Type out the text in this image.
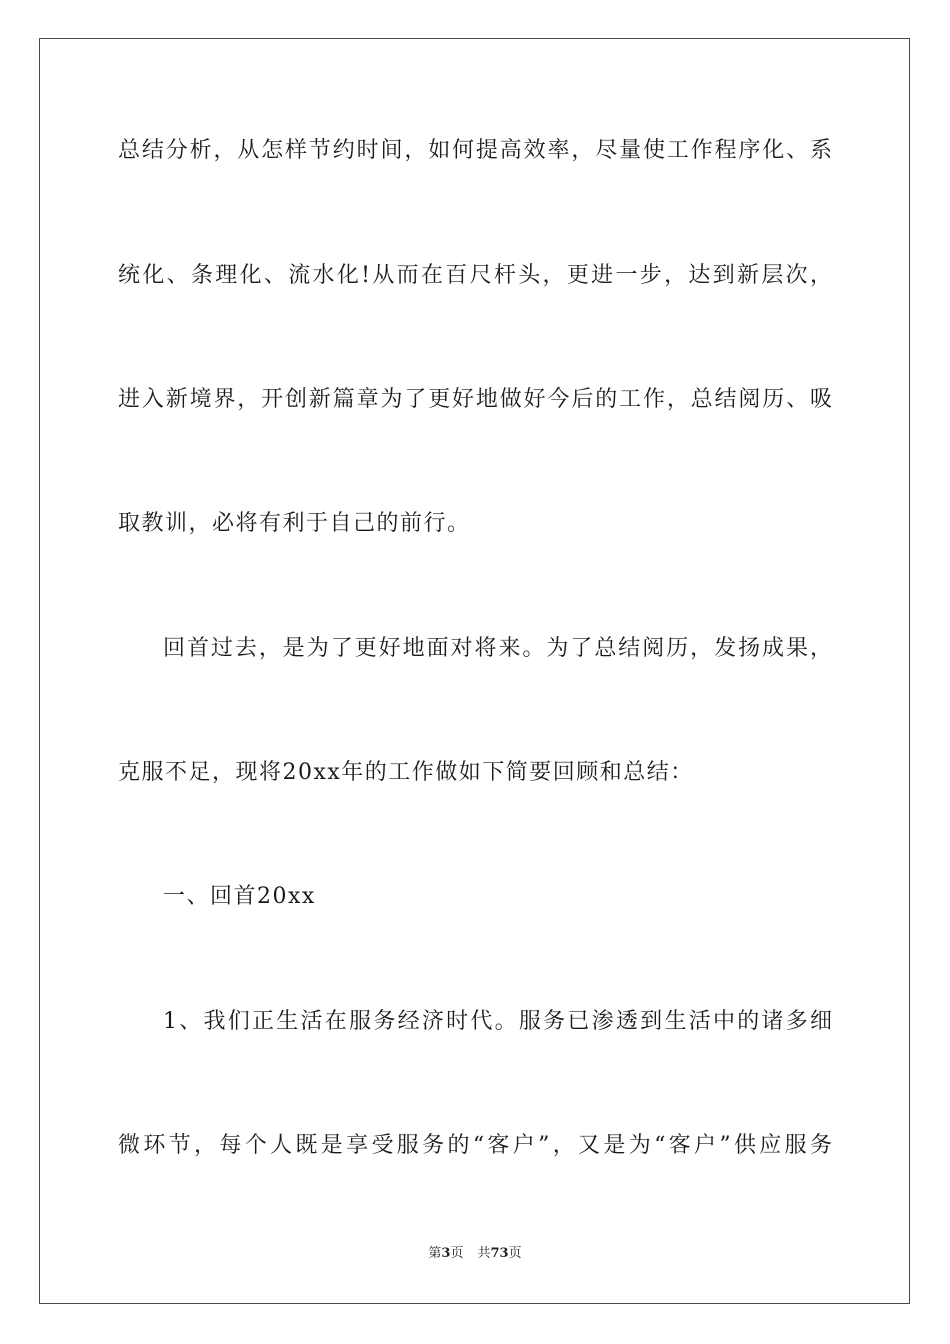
总结分析，从怎样节约时间，如何提高效率，尽量使工作程序化、系
统化、条理化、流水化!从而在百尺杆头，更进一步，达到新层次，
进入新境界，开创新篇章为了更好地做好今后的工作，总结阅历、吸
取教训，必将有利于自己的前行。
回首过去，是为了更好地面对将来。为了总结阅历，发扬成果，
克服不足，现将20xx年的工作做如下简要回顾和总结：
一、回首20xx
1、我们正生活在服务经济时代。服务已渗透到生活中的诸多细
微环节，每个人既是享受服务的“客户”，又是为“客户”供应服务
第3页 共73页
